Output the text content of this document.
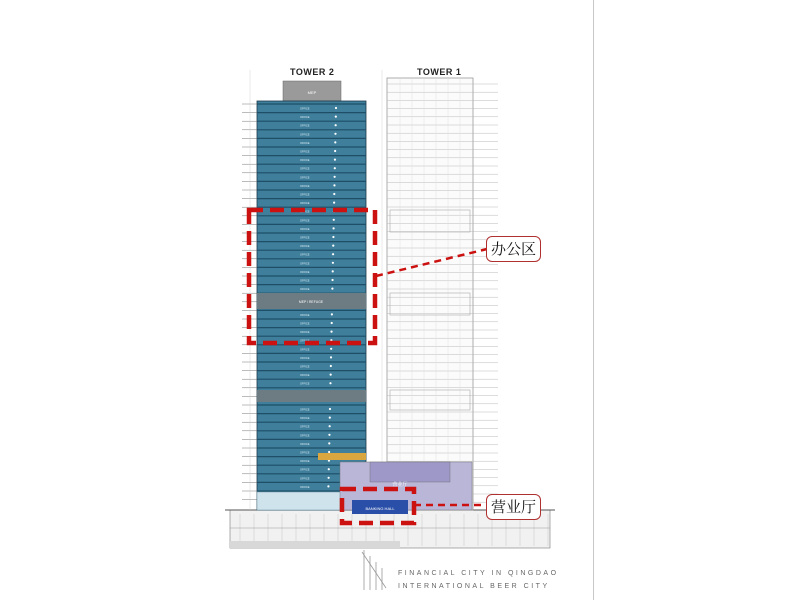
MEP
OFFICE
OFFICE
OFFICE
OFFICE
OFFICE
OFFICE
OFFICE
OFFICE
OFFICE
OFFICE
OFFICE
OFFICE
OFFICE
OFFICE
OFFICE
OFFICE
OFFICE
OFFICE
OFFICE
OFFICE
OFFICE
OFFICE
OFFICE
OFFICE
OFFICE
OFFICE
OFFICE
OFFICE
OFFICE
OFFICE
OFFICE
OFFICE
OFFICE
OFFICE
OFFICE
OFFICE
OFFICE
OFFICE
OFFICE
OFFICE
OFFICE
MEP / REFUGE
营业厅
BANKING HALL
TOWER 2	TOWER 1
办公区
营业厅
FINANCIAL CITY IN QINGDAO
INTERNATIONAL BEER CITY
